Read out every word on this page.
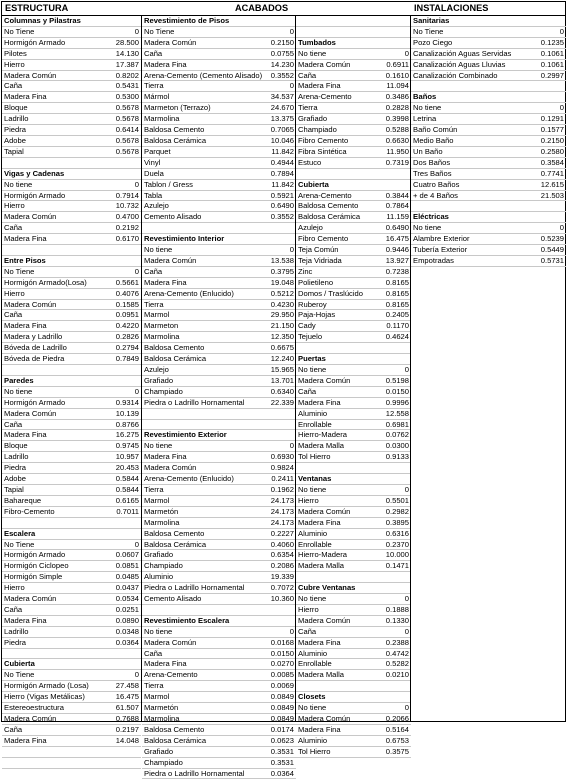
ESTRUCTURA	ACABADOS	INSTALACIONES
Columnas y Pilastras
No Tiene	0
Hormigón Armado	28.500
Pilotes	14.130
Hierro	17.387
Madera Común	0.8202
Caña	0.5431
Madera Fina	0.5300
Bloque	0.5678
Ladrillo	0.5678
Piedra	0.6414
Adobe	0.5678
Tapial	0.5678
Vigas y Cadenas
No tiene	0
Hormigón Armado	0.7914
Hierro	10.732
Madera Común	0.4700
Caña	0.2192
Madera Fina	0.6170
Entre Pisos
No Tiene	0
Hormigón Armado(Losa)	0.5661
Hierro	0.4076
Madera Común	0.1585
Caña	0.0951
Madera Fina	0.4220
Madera y Ladrillo	0.2826
Bóveda de Ladrillo	0.2794
Bóveda de Piedra	0.7849
Paredes
No tiene	0
Hormigón Armado	0.9314
Madera Común	10.139
Caña	0.8766
Madera Fina	16.275
Bloque	0.9745
Ladrillo	10.957
Piedra	20.453
Adobe	0.5844
Tapial	0.5844
Bahareque	0.6165
Fibro-Cemento	0.7011
Escalera
No Tiene	0
Hormigón Armado	0.0607
Hormigón Ciclopeo	0.0851
Hormigón Simple	0.0485
Hierro	0.0437
Madera Común	0.0534
Caña	0.0251
Madera Fina	0.0890
Ladrillo	0.0348
Piedra	0.0364
Cubierta
No Tiene	0
Hormigón Armado (Losa)	27.458
Hierro (Vigas Metálicas)	16.475
Estereoestructura	61.507
Madera Común	0.7688
Caña	0.2197
Madera Fina	14.048
Revestimiento de Pisos
No Tiene	0
Madera Común	0.2150
Caña	0.0755
Madera Fina	14.230
Arena-Cemento (Cemento Alisado) 0.3552
Tierra	0
Mármol	34.537
Marmeton (Terrazo)	24.670
Marmolina	13.375
Baldosa Cemento	0.7065
Baldosa Cerámica	10.046
Parquet	11.842
Vinyl	0.4944
Duela	0.7894
Tablon / Gress	11.842
Tabla	0.5921
Azulejo	0.6490
Cemento Alisado	0.3552
Revestimiento Interior
No tiene	0
Madera Común	13.538
Caña	0.3795
Madera Fina	19.048
Arena-Cemento (Enlucido)	0.5212
Tierra	0.4230
Marmol	29.950
Marmeton	21.150
Marmolina	12.350
Baldosa Cemento	0.6675
Baldosa Cerámica	12.240
Azulejo	15.965
Grafiado	13.701
Champiado	0.6340
Piedra o Ladrillo Hornamental	22.339
Revestimiento Exterior
No tiene	0
Madera Fina	0.6930
Madera Común	0.9824
Arena-Cemento (Enlucido)	0.2411
Tierra	0.1962
Marmol	24.173
Marmetón	24.173
Marmolina	24.173
Baldosa Cemento	0.2227
Baldosa Cerámica	0.4060
Grafiado	0.6354
Champiado	0.2086
Aluminio	19.339
Piedra o Ladrillo Hornamental	0.7072
Cemento Alisado	10.360
Revestimiento Escalera
No tiene	0
Madera Común	0.0168
Caña	0.0150
Madera Fina	0.0270
Arena-Cemento	0.0085
Tierra	0.0069
Marmol	0.0849
Marmetón	0.0849
Marmolina	0.0849
Baldosa Cemento	0.0174
Baldosa Cerámica	0.0623
Grafiado	0.3531
Champiado	0.3531
Piedra o Ladrillo Hornamental	0.0364
Tumbados
No tiene	0
Madera Común	0.6911
Caña	0.1610
Madera Fina	11.094
Arena-Cemento	0.3486
Tierra	0.2828
Grafiado	0.3998
Champiado	0.5288
Fibro Cemento	0.6630
Fibra Sintética	11.950
Estuco	0.7319
Cubierta
Arena-Cemento	0.3844
Baldosa Cemento	0.7864
Baldosa Cerámica	11.159
Azulejo	0.6490
Fibro Cemento	16.475
Teja Común	0.9446
Teja Vidriada	13.927
Zinc	0.7238
Polietileno	0.8165
Domos / Traslúcido	0.8165
Ruberoy	0.8165
Paja-Hojas	0.2405
Cady	0.1170
Tejuelo	0.4624
Puertas
No tiene	0
Madera Común	0.5198
Caña	0.0150
Madera Fina	0.9996
Aluminio	12.558
Enrollable	0.6981
Hierro-Madera	0.0762
Madera Malla	0.0300
Tol Hierro	0.9133
Ventanas
No tiene	0
Hierro	0.5501
Madera Común	0.2982
Madera Fina	0.3895
Aluminio	0.6316
Enrollable	0.2370
Hierro-Madera	10.000
Madera Malla	0.1471
Cubre Ventanas
No tiene	0
Hierro	0.1888
Madera Común	0.1330
Caña	0
Madera Fina	0.2388
Aluminio	0.4742
Enrollable	0.5282
Madera Malla	0.0210
Closets
No tiene	0
Madera Común	0.2066
Madera Fina	0.5164
Aluminio	0.6753
Tol Hierro	0.3575
Sanitarias
No Tiene	0
Pozo Ciego	0.1235
Canalización Aguas Servidas	0.1061
Canalización Aguas Lluvias	0.1061
Canalización Combinado	0.2997
Baños
No tiene	0
Letrina	0.1291
Baño Común	0.1577
Medio Baño	0.2150
Un Baño	0.2580
Dos Baños	0.3584
Tres Baños	0.7741
Cuatro Baños	12.615
+ de 4 Baños	21.503
Eléctricas
No tiene	0
Alambre Exterior	0.5239
Tubería Exterior	0.5449
Empotradas	0.5731
